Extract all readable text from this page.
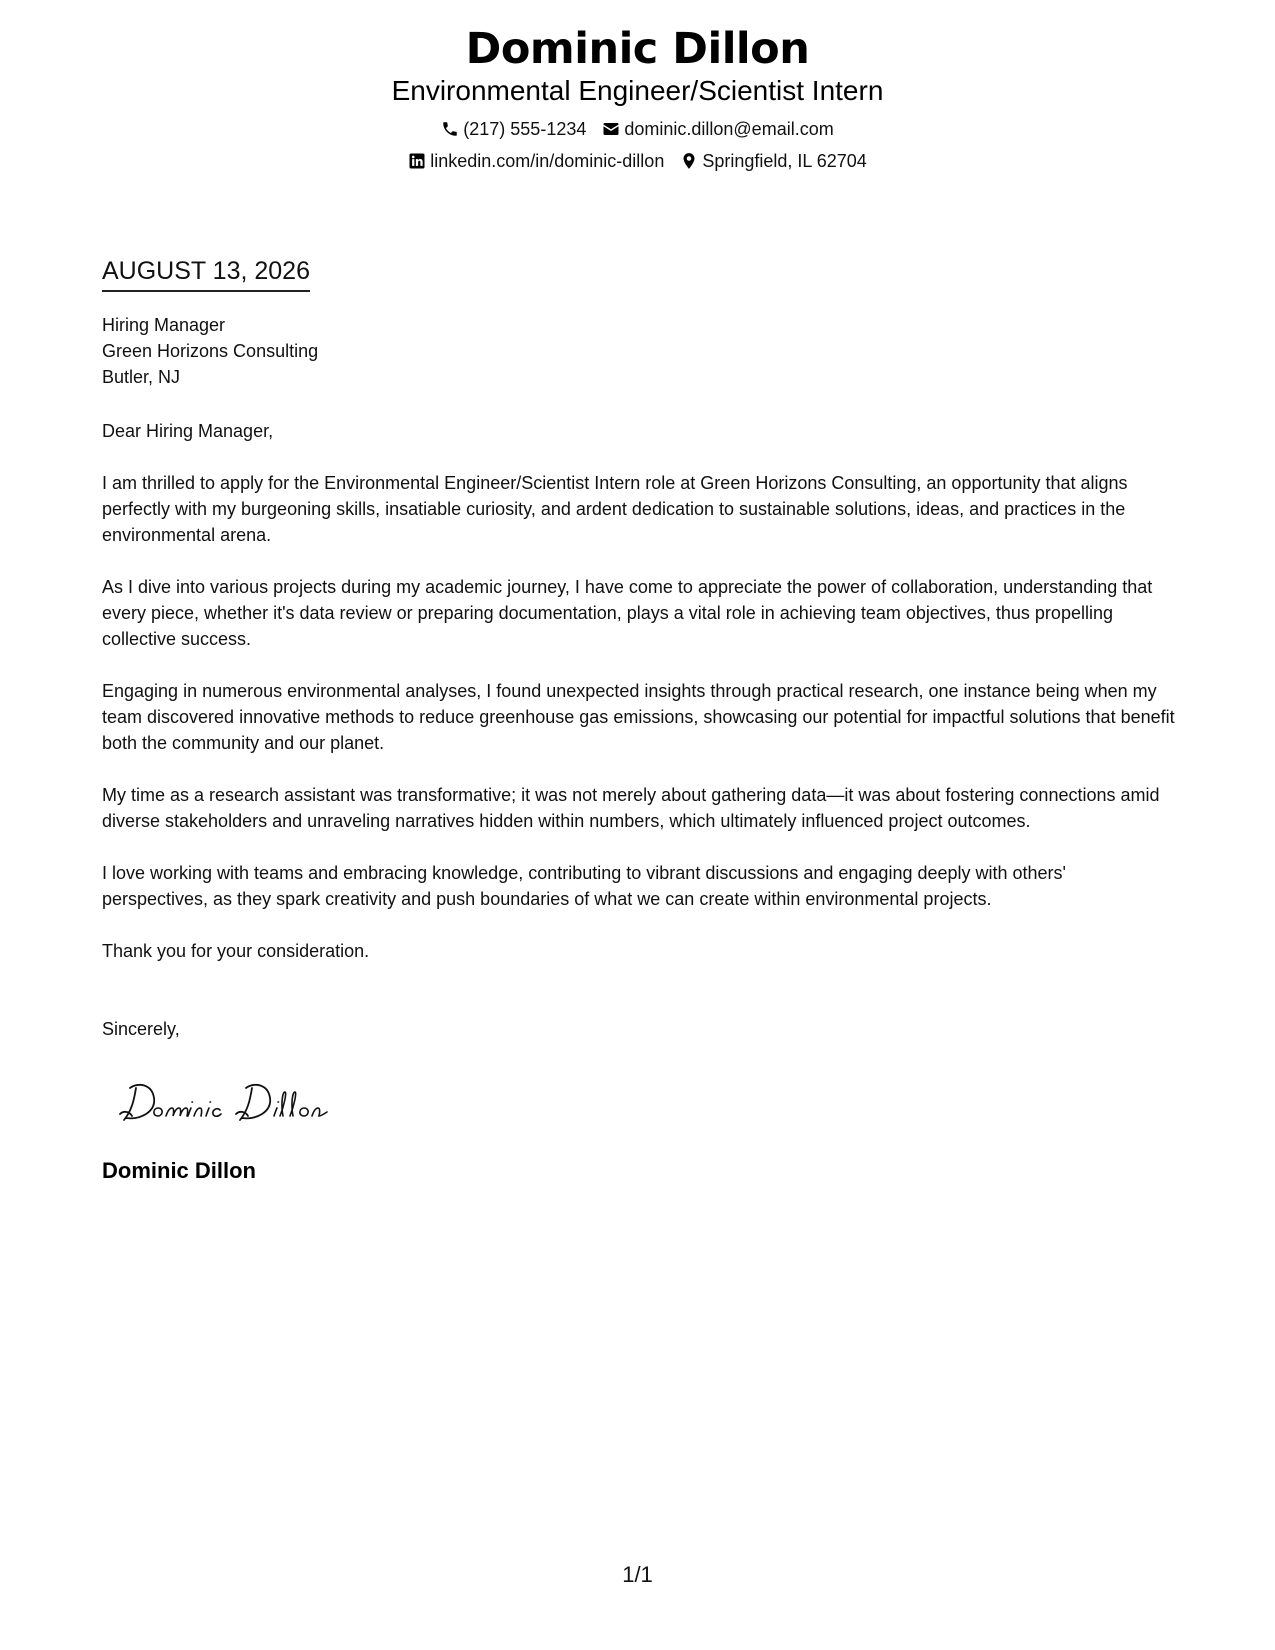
Dominic Dillon
Environmental Engineer/Scientist Intern
(217) 555-1234 dominic.dillon@email.com
linkedin.com/in/dominic-dillon Springfield, IL 62704
AUGUST 13, 2026
Hiring Manager
Green Horizons Consulting
Butler, NJ
Dear Hiring Manager,
I am thrilled to apply for the Environmental Engineer/Scientist Intern role at Green Horizons Consulting, an opportunity that aligns perfectly with my burgeoning skills, insatiable curiosity, and ardent dedication to sustainable solutions, ideas, and practices in the environmental arena.
As I dive into various projects during my academic journey, I have come to appreciate the power of collaboration, understanding that every piece, whether it's data review or preparing documentation, plays a vital role in achieving team objectives, thus propelling collective success.
Engaging in numerous environmental analyses, I found unexpected insights through practical research, one instance being when my team discovered innovative methods to reduce greenhouse gas emissions, showcasing our potential for impactful solutions that benefit both the community and our planet.
My time as a research assistant was transformative; it was not merely about gathering data—it was about fostering connections amid diverse stakeholders and unraveling narratives hidden within numbers, which ultimately influenced project outcomes.
I love working with teams and embracing knowledge, contributing to vibrant discussions and engaging deeply with others' perspectives, as they spark creativity and push boundaries of what we can create within environmental projects.
Thank you for your consideration.
Sincerely,
Dominic Dillon
1/1
